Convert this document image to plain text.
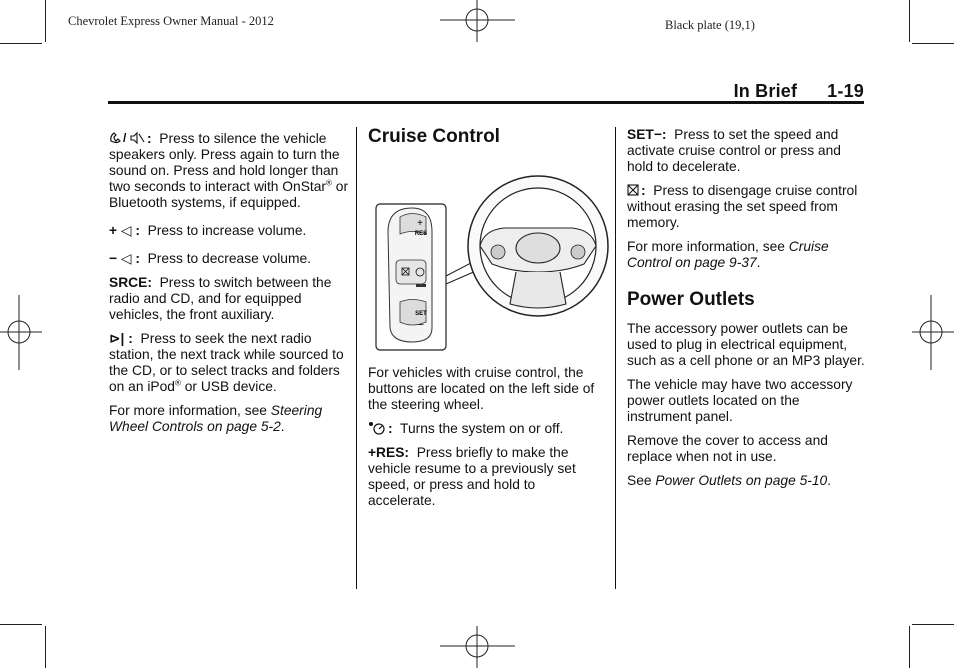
Chevrolet Express Owner Manual - 2012	Black plate (19,1)
In Brief 1-19

/ : Press to silence the vehicle speakers only. Press again to turn the sound on. Press and hold longer than two seconds to interact with OnStar® or Bluetooth systems, if equipped.

+ ◁ : Press to increase volume.

− ◁ : Press to decrease volume.

SRCE: Press to switch between the radio and CD, and for equipped vehicles, the front auxiliary.

⊳| : Press to seek the next radio station, the next track while sourced to the CD, or to select tracks and folders on an iPod® or USB device.

For more information, see Steering Wheel Controls on page 5-2.

Cruise Control
+
RES
SET
−

For vehicles with cruise control, the buttons are located on the left side of the steering wheel.

: Turns the system on or off.

+RES: Press briefly to make the vehicle resume to a previously set speed, or press and hold to accelerate.

SET−: Press to set the speed and activate cruise control or press and hold to decelerate.

: Press to disengage cruise control without erasing the set speed from memory.

For more information, see Cruise Control on page 9-37.

Power Outlets

The accessory power outlets can be used to plug in electrical equipment, such as a cell phone or an MP3 player.

The vehicle may have two accessory power outlets located on the instrument panel.

Remove the cover to access and replace when not in use.

See Power Outlets on page 5-10.
